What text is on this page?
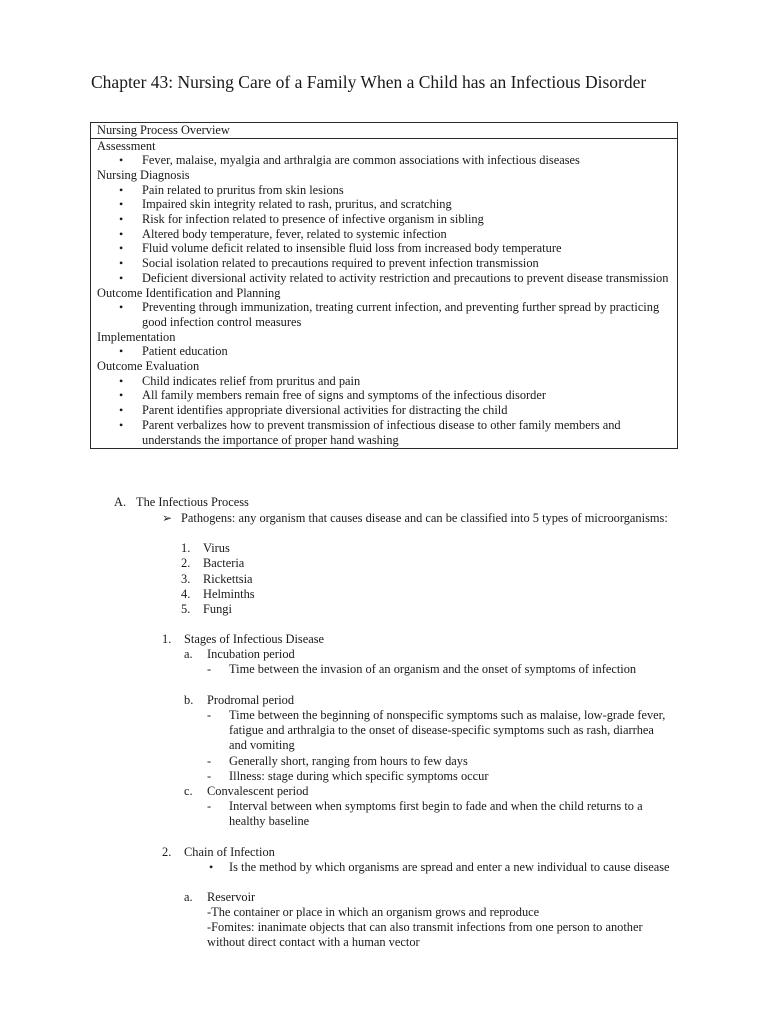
Chapter 43: Nursing Care of a Family When a Child has an Infectious Disorder
Nursing Process Overview
Assessment
• Fever, malaise, myalgia and arthralgia are common associations with infectious diseases
Nursing Diagnosis
• Pain related to pruritus from skin lesions
• Impaired skin integrity related to rash, pruritus, and scratching
• Risk for infection related to presence of infective organism in sibling
• Altered body temperature, fever, related to systemic infection
• Fluid volume deficit related to insensible fluid loss from increased body temperature
• Social isolation related to precautions required to prevent infection transmission
• Deficient diversional activity related to activity restriction and precautions to prevent disease transmission
Outcome Identification and Planning
• Preventing through immunization, treating current infection, and preventing further spread by practicing good infection control measures
Implementation
• Patient education
Outcome Evaluation
• Child indicates relief from pruritus and pain
• All family members remain free of signs and symptoms of the infectious disorder
• Parent identifies appropriate diversional activities for distracting the child
• Parent verbalizes how to prevent transmission of infectious disease to other family members and understands the importance of proper hand washing
A. The Infectious Process
➢ Pathogens: any organism that causes disease and can be classified into 5 types of microorganisms:
1. Virus
2. Bacteria
3. Rickettsia
4. Helminths
5. Fungi
1. Stages of Infectious Disease
a. Incubation period
- Time between the invasion of an organism and the onset of symptoms of infection
b. Prodromal period
- Time between the beginning of nonspecific symptoms such as malaise, low-grade fever, fatigue and arthralgia to the onset of disease-specific symptoms such as rash, diarrhea and vomiting
- Generally short, ranging from hours to few days
- Illness: stage during which specific symptoms occur
c. Convalescent period
- Interval between when symptoms first begin to fade and when the child returns to a healthy baseline
2. Chain of Infection
• Is the method by which organisms are spread and enter a new individual to cause disease
a. Reservoir
-The container or place in which an organism grows and reproduce
-Fomites: inanimate objects that can also transmit infections from one person to another without direct contact with a human vector
